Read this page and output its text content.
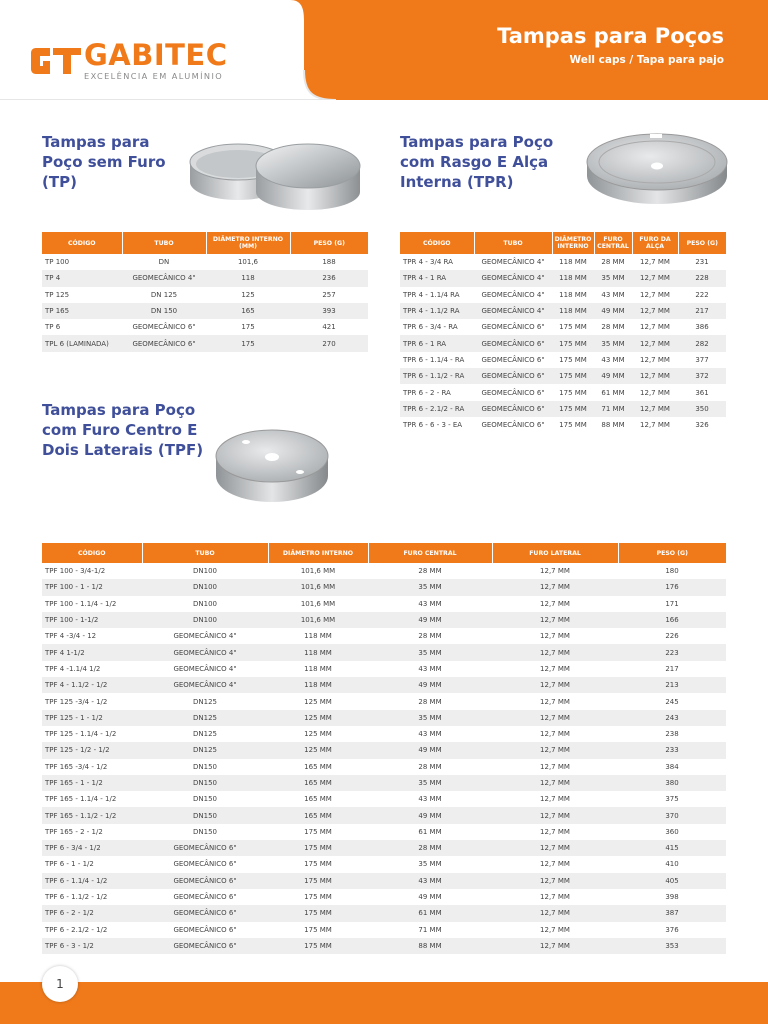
GABITEC
EXCELÊNCIA EM ALUMÍNIO
Tampas para Poços
Well caps / Tapa para pajo
Tampas para
Poço sem Furo
(TP)
CÓDIGO	TUBO	DIÂMETRO INTERNO (MM)	PESO (G)
TP 100	DN	101,6	188
TP 4	GEOMECÂNICO 4"	118	236
TP 125	DN 125	125	257
TP 165	DN 150	165	393
TP 6	GEOMECÂNICO 6"	175	421
TPL 6 (LAMINADA)	GEOMECÂNICO 6"	175	270
Tampas para Poço
com Rasgo E Alça
Interna (TPR)
CÓDIGO	TUBO	DIÂMETRO INTERNO	FURO CENTRAL	FURO DA ALÇA	PESO (G)
TPR 4 - 3/4 RA	GEOMECÂNICO 4"	118 MM	28 MM	12,7 MM	231
TPR 4 - 1 RA	GEOMECÂNICO 4"	118 MM	35 MM	12,7 MM	228
TPR 4 - 1.1/4 RA	GEOMECÂNICO 4"	118 MM	43 MM	12,7 MM	222
TPR 4 - 1.1/2 RA	GEOMECÂNICO 4"	118 MM	49 MM	12,7 MM	217
TPR 6 - 3/4 - RA	GEOMECÂNICO 6"	175 MM	28 MM	12,7 MM	386
TPR 6 - 1 RA	GEOMECÂNICO 6"	175 MM	35 MM	12,7 MM	282
TPR 6 - 1.1/4 - RA	GEOMECÂNICO 6"	175 MM	43 MM	12,7 MM	377
TPR 6 - 1.1/2 - RA	GEOMECÂNICO 6"	175 MM	49 MM	12,7 MM	372
TPR 6 - 2 - RA	GEOMECÂNICO 6"	175 MM	61 MM	12,7 MM	361
TPR 6 - 2.1/2 - RA	GEOMECÂNICO 6"	175 MM	71 MM	12,7 MM	350
TPR 6 - 6 - 3 - EA	GEOMECÂNICO 6"	175 MM	88 MM	12,7 MM	326
Tampas para Poço
com Furo Centro E
Dois Laterais (TPF)
CÓDIGO	TUBO	DIÂMETRO INTERNO	FURO CENTRAL	FURO LATERAL	PESO (G)
TPF 100 - 3/4-1/2	DN100	101,6 MM	28 MM	12,7 MM	180
TPF 100 - 1 - 1/2	DN100	101,6 MM	35 MM	12,7 MM	176
TPF 100 - 1.1/4 - 1/2	DN100	101,6 MM	43 MM	12,7 MM	171
TPF 100 - 1-1/2	DN100	101,6 MM	49 MM	12,7 MM	166
TPF 4 -3/4 - 12	GEOMECÂNICO 4"	118 MM	28 MM	12,7 MM	226
TPF 4 1-1/2	GEOMECÂNICO 4"	118 MM	35 MM	12,7 MM	223
TPF 4 -1.1/4 1/2	GEOMECÂNICO 4"	118 MM	43 MM	12,7 MM	217
TPF 4 - 1.1/2 - 1/2	GEOMECÂNICO 4"	118 MM	49 MM	12,7 MM	213
TPF 125 -3/4 - 1/2	DN125	125 MM	28 MM	12,7 MM	245
TPF 125 - 1 - 1/2	DN125	125 MM	35 MM	12,7 MM	243
TPF 125 - 1.1/4 - 1/2	DN125	125 MM	43 MM	12,7 MM	238
TPF 125 - 1/2 - 1/2	DN125	125 MM	49 MM	12,7 MM	233
TPF 165 -3/4 - 1/2	DN150	165 MM	28 MM	12,7 MM	384
TPF 165 - 1 - 1/2	DN150	165 MM	35 MM	12,7 MM	380
TPF 165 - 1.1/4 - 1/2	DN150	165 MM	43 MM	12,7 MM	375
TPF 165 - 1.1/2 - 1/2	DN150	165 MM	49 MM	12,7 MM	370
TPF 165 - 2 - 1/2	DN150	175 MM	61 MM	12,7 MM	360
TPF 6 - 3/4 - 1/2	GEOMECÂNICO 6"	175 MM	28 MM	12,7 MM	415
TPF 6 - 1 - 1/2	GEOMECÂNICO 6"	175 MM	35 MM	12,7 MM	410
TPF 6 - 1.1/4 - 1/2	GEOMECÂNICO 6"	175 MM	43 MM	12,7 MM	405
TPF 6 - 1.1/2 - 1/2	GEOMECÂNICO 6"	175 MM	49 MM	12,7 MM	398
TPF 6 - 2 - 1/2	GEOMECÂNICO 6"	175 MM	61 MM	12,7 MM	387
TPF 6 - 2.1/2 - 1/2	GEOMECÂNICO 6"	175 MM	71 MM	12,7 MM	376
TPF 6 - 3 - 1/2	GEOMECÂNICO 6"	175 MM	88 MM	12,7 MM	353
1
